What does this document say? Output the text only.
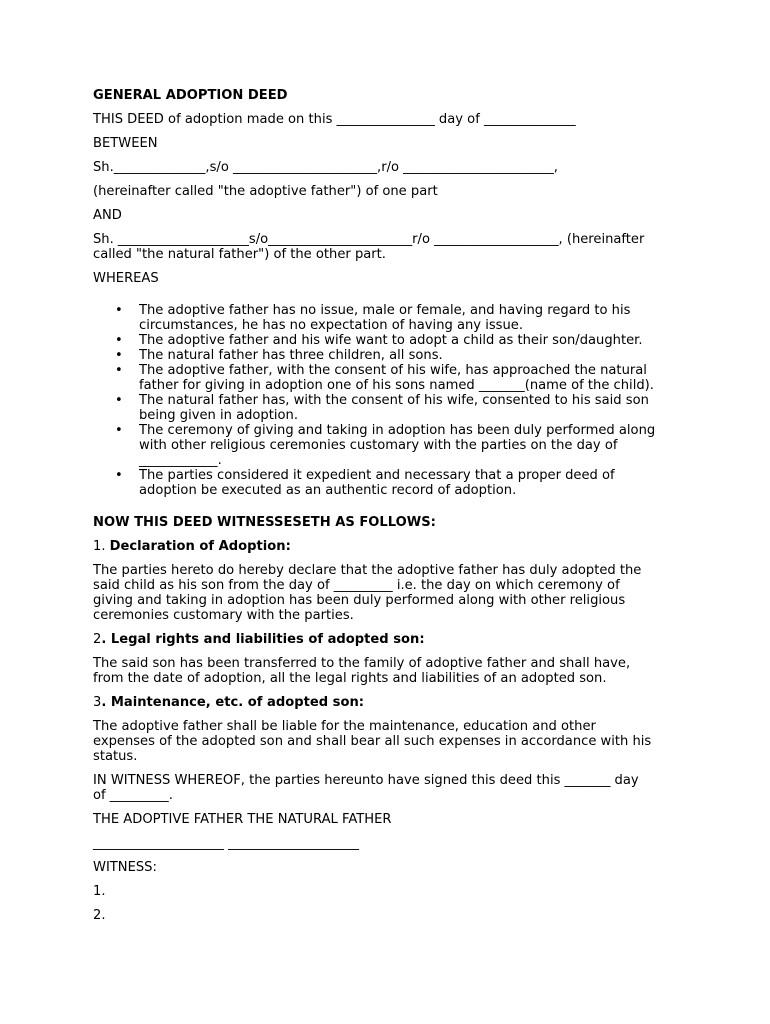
GENERAL ADOPTION DEED

THIS DEED of adoption made on this _______________ day of ______________

BETWEEN

Sh.______________,s/o ______________________,r/o _______________________,

(hereinafter called "the adoptive father") of one part

AND

Sh. ____________________s/o______________________r/o ___________________, (hereinafter

called "the natural father") of the other part.

WHEREAS

• The adoptive father has no issue, male or female, and having regard to his

circumstances, he has no expectation of having any issue.

• The adoptive father and his wife want to adopt a child as their son/daughter.

• The natural father has three children, all sons.

• The adoptive father, with the consent of his wife, has approached the natural

father for giving in adoption one of his sons named _______(name of the child).

• The natural father has, with the consent of his wife, consented to his said son

being given in adoption.

• The ceremony of giving and taking in adoption has been duly performed along

with other religious ceremonies customary with the parties on the day of

____________.

• The parties considered it expedient and necessary that a proper deed of

adoption be executed as an authentic record of adoption.

NOW THIS DEED WITNESSESETH AS FOLLOWS:

1. Declaration of Adoption:

The parties hereto do hereby declare that the adoptive father has duly adopted the

said child as his son from the day of _________ i.e. the day on which ceremony of

giving and taking in adoption has been duly performed along with other religious

ceremonies customary with the parties.

2. Legal rights and liabilities of adopted son:

The said son has been transferred to the family of adoptive father and shall have,

from the date of adoption, all the legal rights and liabilities of an adopted son.

3. Maintenance, etc. of adopted son:

The adoptive father shall be liable for the maintenance, education and other

expenses of the adopted son and shall bear all such expenses in accordance with his

status.

IN WITNESS WHEREOF, the parties hereunto have signed this deed this _______ day

of _________.

THE ADOPTIVE FATHER THE NATURAL FATHER

____________________ ____________________

WITNESS:

1.

2.
